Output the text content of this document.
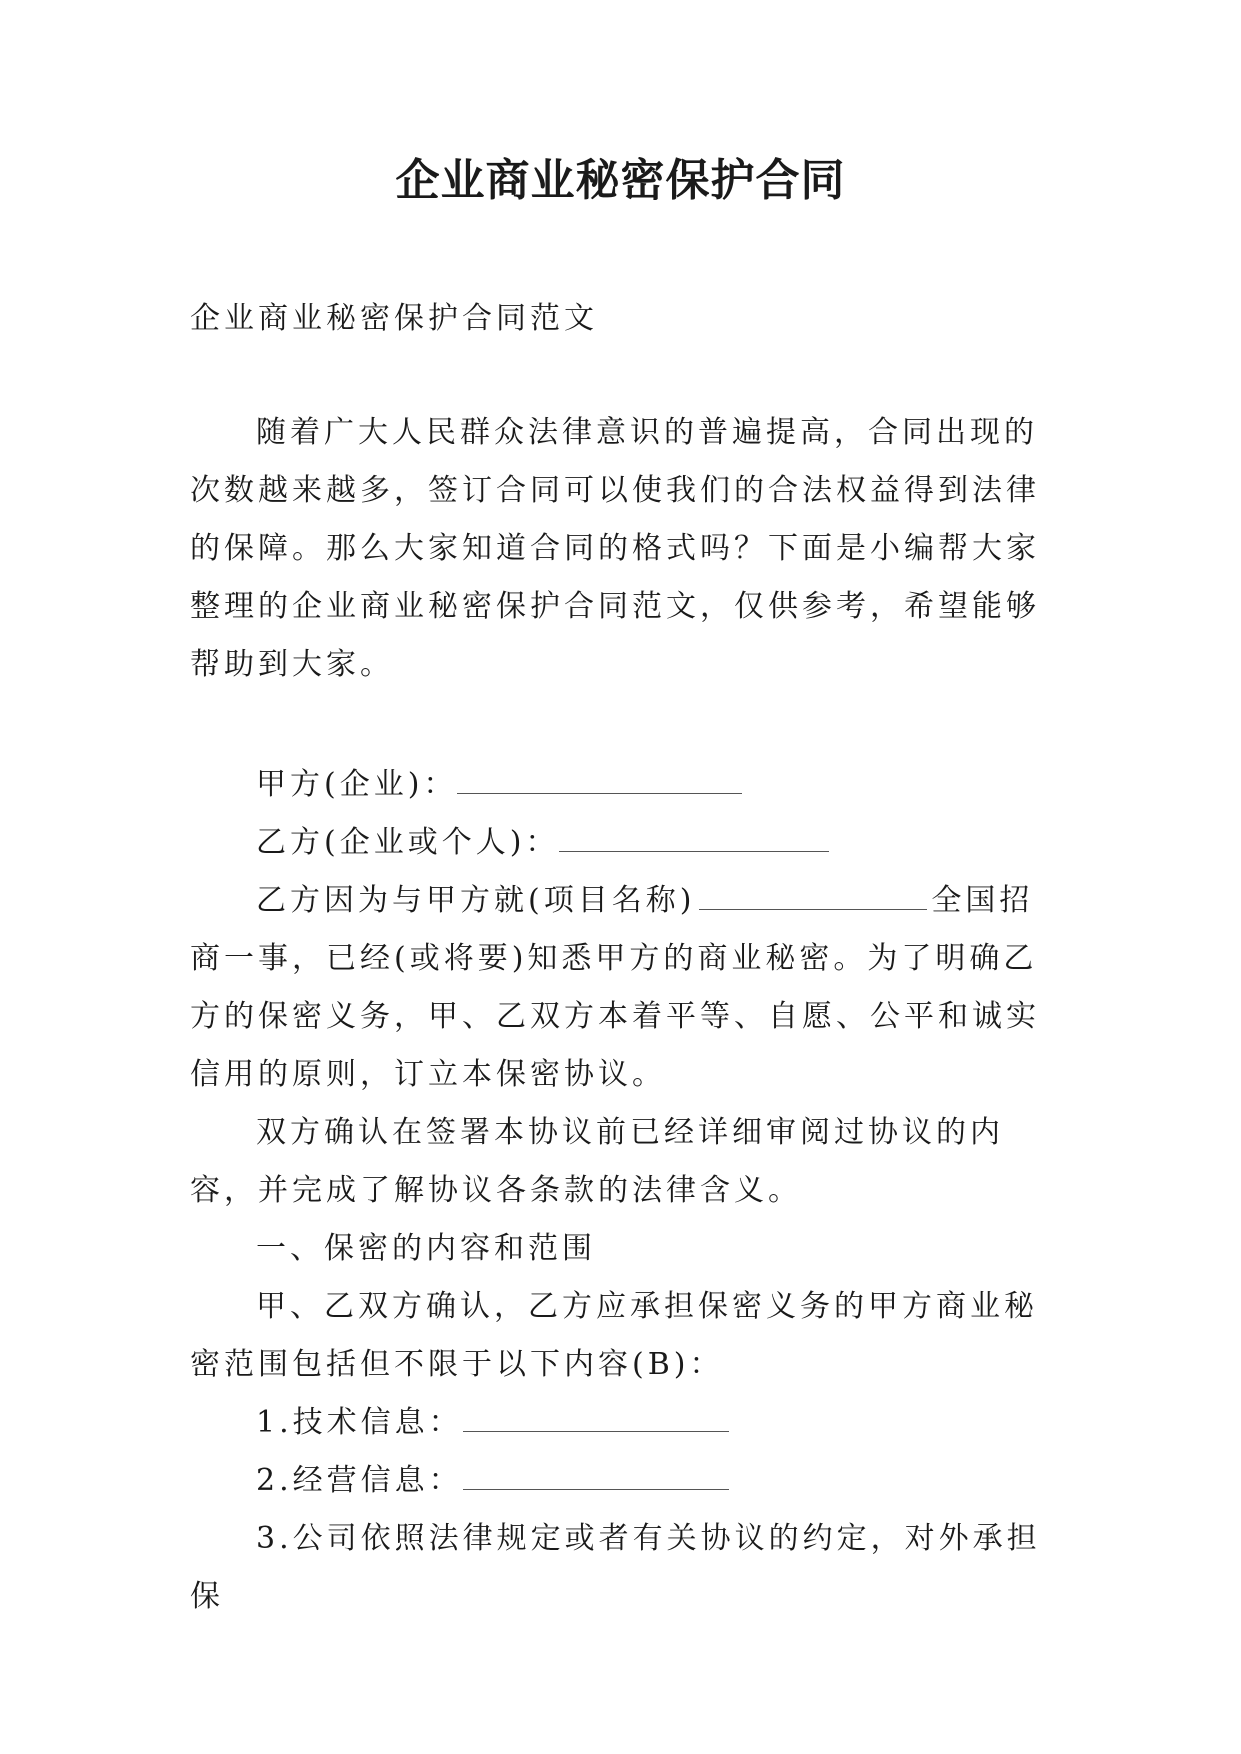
企业商业秘密保护合同

企业商业秘密保护合同范文

随着广大人民群众法律意识的普遍提高，合同出现的次数越来越多，签订合同可以使我们的合法权益得到法律的保障。那么大家知道合同的格式吗？下面是小编帮大家整理的企业商业秘密保护合同范文，仅供参考，希望能够帮助到大家。

甲方(企业)：

乙方(企业或个人)：

乙方因为与甲方就(项目名称)	全国招商一事，已经(或将要)知悉甲方的商业秘密。为了明确乙方的保密义务，甲、乙双方本着平等、自愿、公平和诚实信用的原则，订立本保密协议。

双方确认在签署本协议前已经详细审阅过协议的内容，并完成了解协议各条款的法律含义。

一、保密的内容和范围

甲、乙双方确认，乙方应承担保密义务的甲方商业秘密范围包括但不限于以下内容(B)：

1.技术信息：

2.经营信息：

3.公司依照法律规定或者有关协议的约定，对外承担保
